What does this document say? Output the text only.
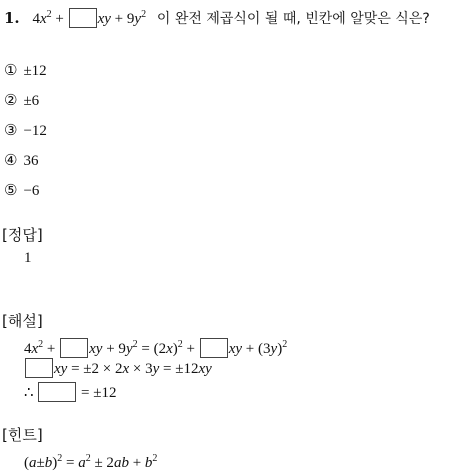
1. $4x^2$ + xy + $9y^2$ 이 완전 제곱식이 될 때, 빈칸에 알맞은 식은?
① ±12
② ±6
③ −12
④ 36
⑤ −6
[정답]
1
[해설]
$4x^2$ + xy + $9y^2 = (2x)^2$ + xy + $(3y)^2$
xy = ±2 × 2x × 3y = ±12xy
∴	= ±12
[힌트]
$(a\pm b)^2 = a^2 \pm 2ab + b^2$
